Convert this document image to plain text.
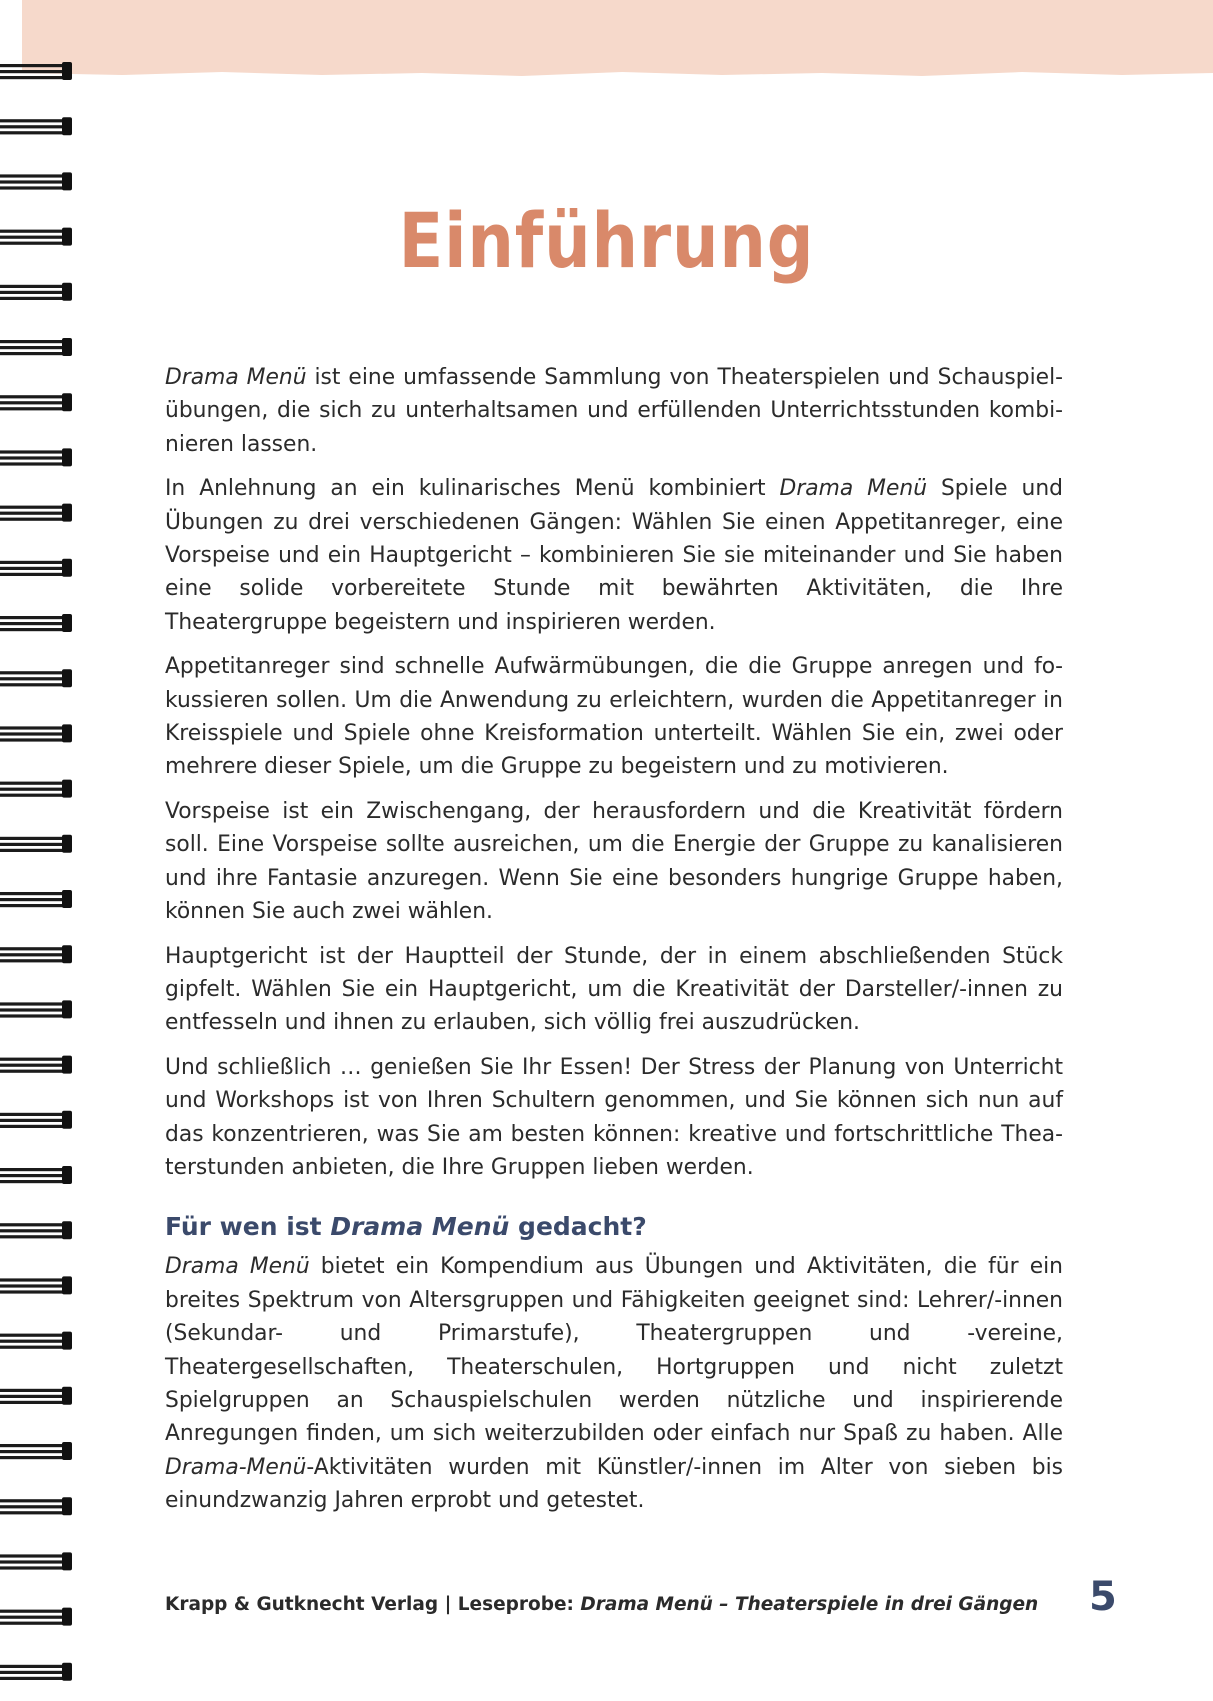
Einführung

Drama Menü ist eine umfassende Sammlung von Theaterspielen und Schauspiel übungen, die sich zu unterhaltsamen und erfüllenden Unterrichtsstunden kombinieren lassen.

In Anlehnung an ein kulinarisches Menü kombiniert Drama Menü Spiele und Übungen zu drei verschiedenen Gängen: Wählen Sie einen Appetitanreger, eine Vorspeise und ein Hauptgericht – kombinieren Sie sie miteinander und Sie haben eine solide vorbereitete Stunde mit bewährten Aktivitäten, die Ihre Theatergruppe begeistern und inspirieren werden.

Appetitanreger sind schnelle Aufwärmübungen, die die Gruppe anregen und fokussieren sollen. Um die Anwendung zu erleichtern, wurden die Appetitanreger in Kreisspiele und Spiele ohne Kreisformation unterteilt. Wählen Sie ein, zwei oder mehrere dieser Spiele, um die Gruppe zu begeistern und zu motivieren.

Vorspeise ist ein Zwischengang, der herausfordern und die Kreativität fördern soll. Eine Vorspeise sollte ausreichen, um die Energie der Gruppe zu kanalisieren und ihre Fantasie anzuregen. Wenn Sie eine besonders hungrige Gruppe haben, können Sie auch zwei wählen.

Hauptgericht ist der Hauptteil der Stunde, der in einem abschließenden Stück gipfelt. Wählen Sie ein Hauptgericht, um die Kreativität der Darsteller/-innen zu entfesseln und ihnen zu erlauben, sich völlig frei auszudrücken.

Und schließlich … genießen Sie Ihr Essen! Der Stress der Planung von Unterricht und Workshops ist von Ihren Schultern genommen, und Sie können sich nun auf das konzentrieren, was Sie am besten können: kreative und fortschrittliche Theaterstunden anbieten, die Ihre Gruppen lieben werden.

Für wen ist Drama Menü gedacht?

Drama Menü bietet ein Kompendium aus Übungen und Aktivitäten, die für ein breites Spektrum von Altersgruppen und Fähigkeiten geeignet sind: Lehrer/-innen (Sekundar- und Primarstufe), Theatergruppen und -vereine, Theatergesellschaften, Theaterschulen, Hortgruppen und nicht zuletzt Spielgruppen an Schauspielschulen werden nützliche und inspirierende Anregungen finden, um sich weiterzubilden oder einfach nur Spaß zu haben. Alle Drama-Menü-Aktivitäten wurden mit Künstler/-innen im Alter von sieben bis einundzwanzig Jahren erprobt und getestet.

Krapp & Gutknecht Verlag | Leseprobe: Drama Menü – Theaterspiele in drei Gängen 5
